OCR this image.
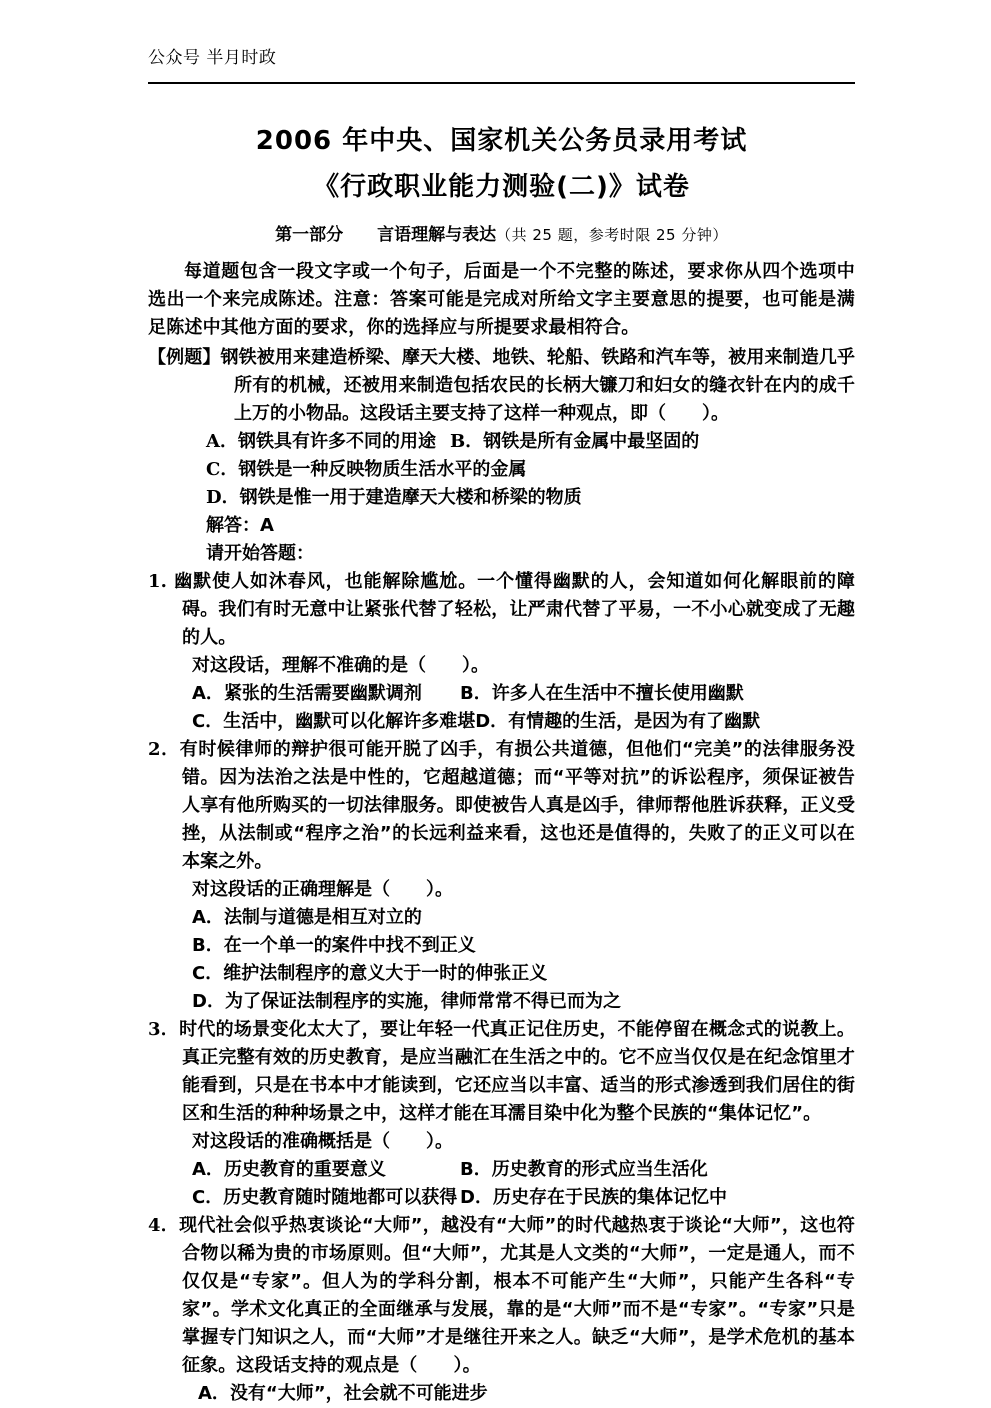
公众号 半月时政
2006 年中央、国家机关公务员录用考试
《行政职业能力测验(二)》试卷
第一部分 言语理解与表达（共 25 题，参考时限 25 分钟）

每道题包含一段文字或一个句子，后面是一个不完整的陈述，要求你从四个选项中选出一个来完成陈述。注意：答案可能是完成对所给文字主要意思的提要，也可能是满足陈述中其他方面的要求，你的选择应与所提要求最相符合。

【例题】钢铁被用来建造桥梁、摩天大楼、地铁、轮船、铁路和汽车等，被用来制造几乎所有的机械，还被用来制造包括农民的长柄大镰刀和妇女的缝衣针在内的成千上万的小物品。这段话主要支持了这样一种观点，即（　　）。

A．钢铁具有许多不同的用途 B．钢铁是所有金属中最坚固的
C．钢铁是一种反映物质生活水平的金属
D．钢铁是惟一用于建造摩天大楼和桥梁的物质
解答：A
请开始答题：

1. 幽默使人如沐春风，也能解除尴尬。一个懂得幽默的人，会知道如何化解眼前的障碍。我们有时无意中让紧张代替了轻松，让严肃代替了平易，一不小心就变成了无趣的人。

对这段话，理解不准确的是（　　）。
A．紧张的生活需要幽默调剂 B．许多人在生活中不擅长使用幽默
C．生活中，幽默可以化解许多难堪D．有情趣的生活，是因为有了幽默

2．有时候律师的辩护很可能开脱了凶手，有损公共道德，但他们“完美”的法律服务没错。因为法治之法是中性的，它超越道德；而“平等对抗”的诉讼程序，须保证被告人享有他所购买的一切法律服务。即使被告人真是凶手，律师帮他胜诉获释，正义受挫，从法制或“程序之治”的长远利益来看，这也还是值得的，失败了的正义可以在本案之外。

对这段话的正确理解是（　　）。
A．法制与道德是相互对立的
B．在一个单一的案件中找不到正义
C．维护法制程序的意义大于一时的伸张正义
D．为了保证法制程序的实施，律师常常不得已而为之

3．时代的场景变化太大了，要让年轻一代真正记住历史，不能停留在概念式的说教上。真正完整有效的历史教育，是应当融汇在生活之中的。它不应当仅仅是在纪念馆里才能看到，只是在书本中才能读到，它还应当以丰富、适当的形式渗透到我们居住的街区和生活的种种场景之中，这样才能在耳濡目染中化为整个民族的“集体记忆”。

对这段话的准确概括是（　　）。
A．历史教育的重要意义	B．历史教育的形式应当生活化
C．历史教育随时随地都可以获得 D．历史存在于民族的集体记忆中

4．现代社会似乎热衷谈论“大师”，越没有“大师”的时代越热衷于谈论“大师”，这也符合物以稀为贵的市场原则。但“大师”，尤其是人文类的“大师”，一定是通人，而不仅仅是“专家”。但人为的学科分割，根本不可能产生“大师”，只能产生各科“专家”。学术文化真正的全面继承与发展，靠的是“大师”而不是“专家”。“专家”只是掌握专门知识之人，而“大师”才是继往开来之人。缺乏“大师”，是学术危机的基本征象。这段话支持的观点是（　　）。

A．没有“大师”，社会就不可能进步
